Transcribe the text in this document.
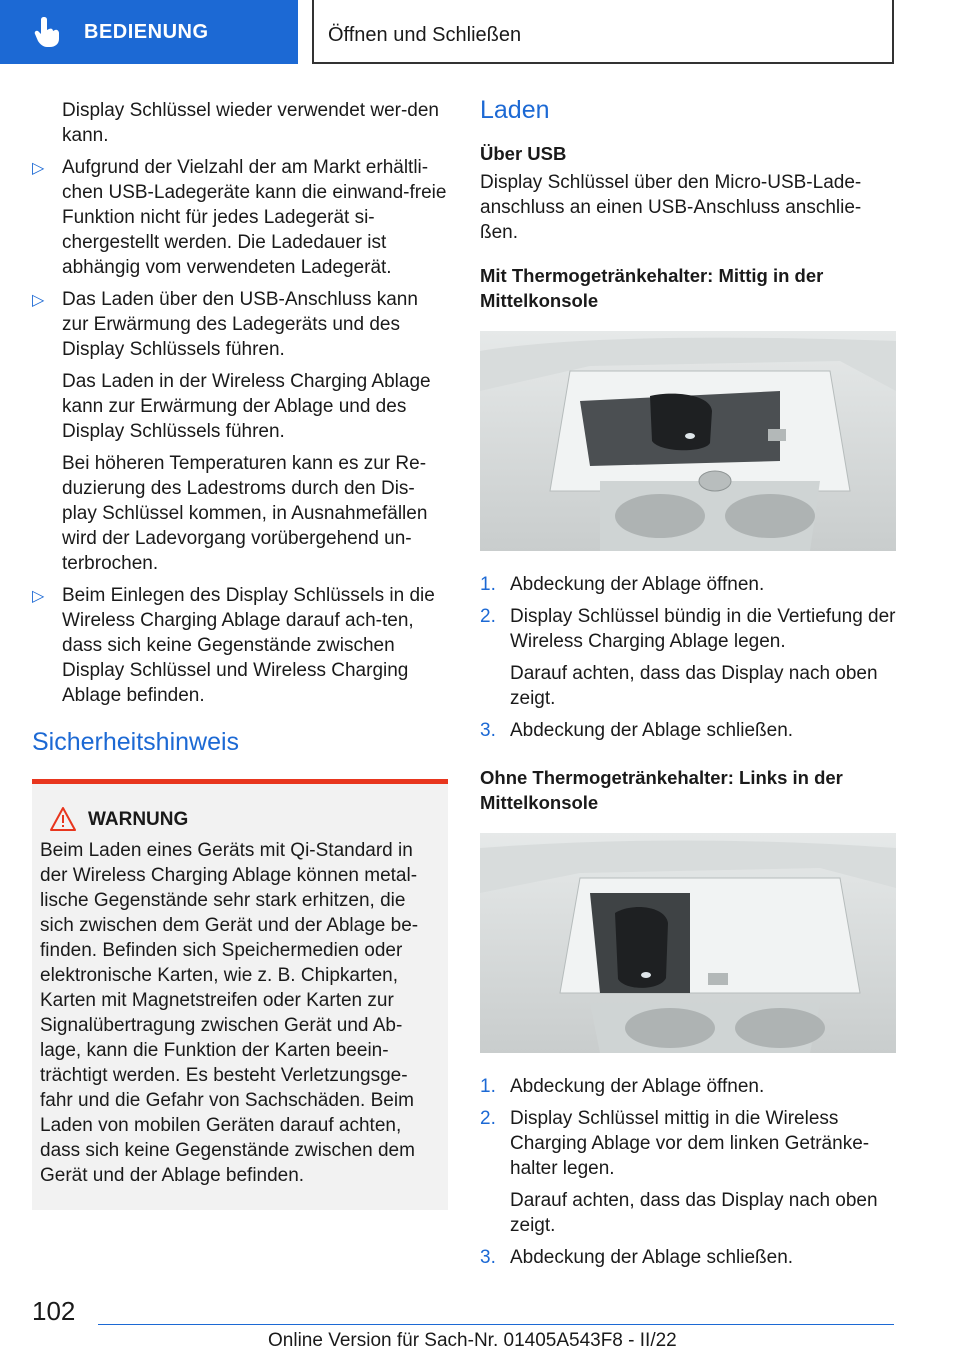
BEDIENUNG	Öffnen und Schließen

Display Schlüssel wieder verwendet wer-den kann.

▷ Aufgrund der Vielzahl der am Markt erhältli-chen USB-Ladegeräte kann die einwand-freie Funktion nicht für jedes Ladegerät si-chergestellt werden. Die Ladedauer ist abhängig vom verwendeten Ladegerät.
▷ Das Laden über den USB-Anschluss kann zur Erwärmung des Ladegeräts und des Display Schlüssels führen.

Das Laden in der Wireless Charging Ablage kann zur Erwärmung der Ablage und des Display Schlüssels führen.

Bei höheren Temperaturen kann es zur Re-duzierung des Ladestroms durch den Dis-play Schlüssel kommen, in Ausnahmefällen wird der Ladevorgang vorübergehend un-terbrochen.

▷ Beim Einlegen des Display Schlüssels in die Wireless Charging Ablage darauf ach-ten, dass sich keine Gegenstände zwischen Display Schlüssel und Wireless Charging Ablage befinden.
Sicherheitshinweis
WARNUNG

Beim Laden eines Geräts mit Qi-Standard in der Wireless Charging Ablage können metal-lische Gegenstände sehr stark erhitzen, die sich zwischen dem Gerät und der Ablage be-finden. Befinden sich Speichermedien oder elektronische Karten, wie z. B. Chipkarten, Karten mit Magnetstreifen oder Karten zur Signalübertragung zwischen Gerät und Ab-lage, kann die Funktion der Karten beein-trächtigt werden. Es besteht Verletzungsge-fahr und die Gefahr von Sachschäden. Beim Laden von mobilen Geräten darauf achten, dass sich keine Gegenstände zwischen dem Gerät und der Ablage befinden.

Laden
Über USB

Display Schlüssel über den Micro-USB-Lade-anschluss an einen USB-Anschluss anschlie-ßen.

Mit Thermogetränkehalter: Mittig in der Mittelkonsole
1. Abdeckung der Ablage öffnen.
2. Display Schlüssel bündig in die Vertiefung der Wireless Charging Ablage legen.

Darauf achten, dass das Display nach oben zeigt.

3. Abdeckung der Ablage schließen.
Ohne Thermogetränkehalter: Links in der Mittelkonsole
1. Abdeckung der Ablage öffnen.
2. Display Schlüssel mittig in die Wireless Charging Ablage vor dem linken Getränke-halter legen.

Darauf achten, dass das Display nach oben zeigt.

3. Abdeckung der Ablage schließen.
102
Online Version für Sach-Nr. 01405A543F8 - II/22
